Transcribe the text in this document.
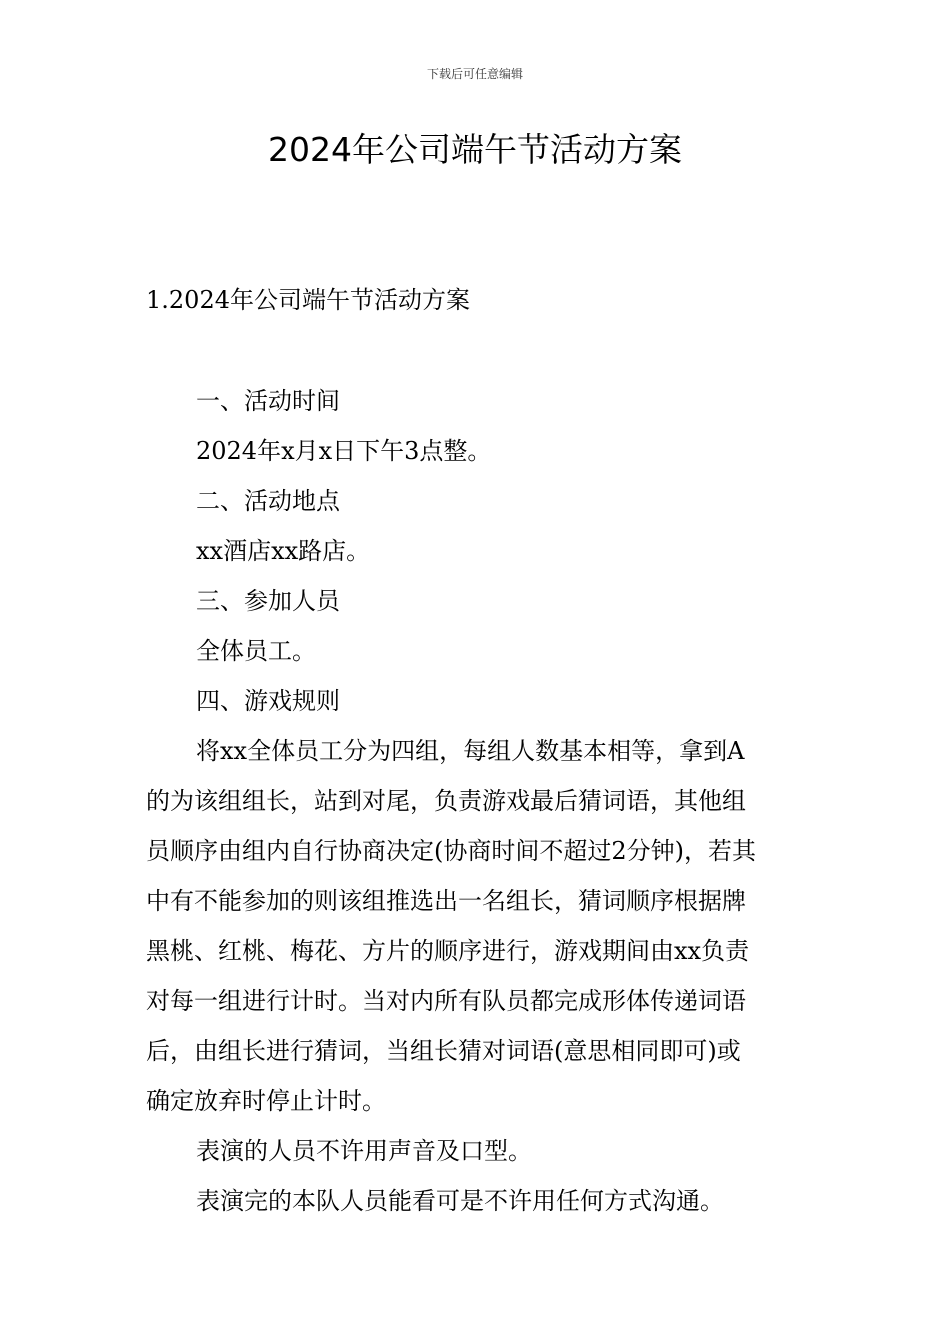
下载后可任意编辑
2024年公司端午节活动方案
1.2024年公司端午节活动方案
一、活动时间
2024年x月x日下午3点整。
二、活动地点
xx酒店xx路店。
三、参加人员
全体员工。
四、游戏规则
将xx全体员工分为四组，每组人数基本相等，拿到A
的为该组组长，站到对尾，负责游戏最后猜词语，其他组
员顺序由组内自行协商决定(协商时间不超过2分钟)，若其
中有不能参加的则该组推选出一名组长，猜词顺序根据牌
黑桃、红桃、梅花、方片的顺序进行，游戏期间由xx负责
对每一组进行计时。当对内所有队员都完成形体传递词语
后，由组长进行猜词，当组长猜对词语(意思相同即可)或
确定放弃时停止计时。
表演的人员不许用声音及口型。
表演完的本队人员能看可是不许用任何方式沟通。
